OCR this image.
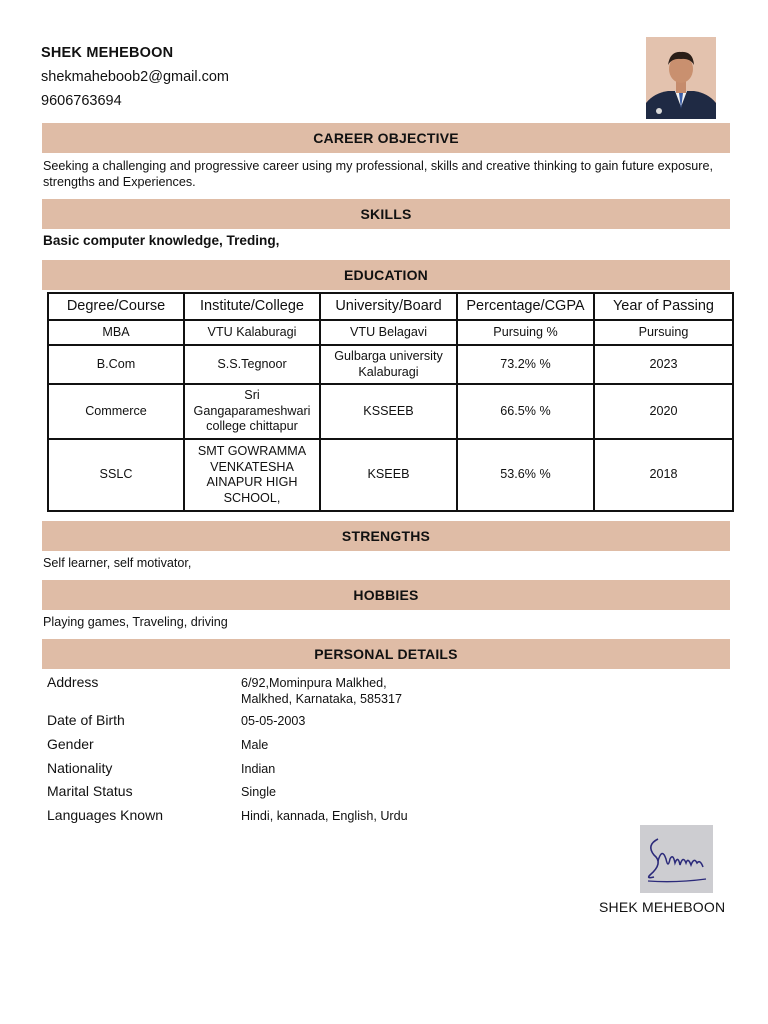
SHEK MEHEBOON
shekmaheboob2@gmail.com
9606763694
CAREER OBJECTIVE
Seeking a challenging and progressive career using my professional, skills and creative thinking to gain future exposure, strengths and Experiences.
SKILLS
Basic computer knowledge, Treding,
EDUCATION
Degree/Course	Institute/College	University/Board	Percentage/CGPA	Year of Passing
MBA	VTU Kalaburagi	VTU Belagavi	Pursuing %	Pursuing
B.Com	S.S.Tegnoor	Gulbarga university Kalaburagi	73.2% %	2023
Commerce	Sri Gangaparameshwari college chittapur	KSSEEB	66.5% %	2020
SSLC	SMT GOWRAMMA VENKATESHA AINAPUR HIGH SCHOOL,	KSEEB	53.6% %	2018
STRENGTHS
Self learner, self motivator,
HOBBIES
Playing games, Traveling, driving
PERSONAL DETAILS
Address	6/92,Mominpura Malkhed,
Malkhed, Karnataka, 585317
Date of Birth	05-05-2003
Gender	Male
Nationality	Indian
Marital Status	Single
Languages Known	Hindi, kannada, English, Urdu
SHEK MEHEBOON
